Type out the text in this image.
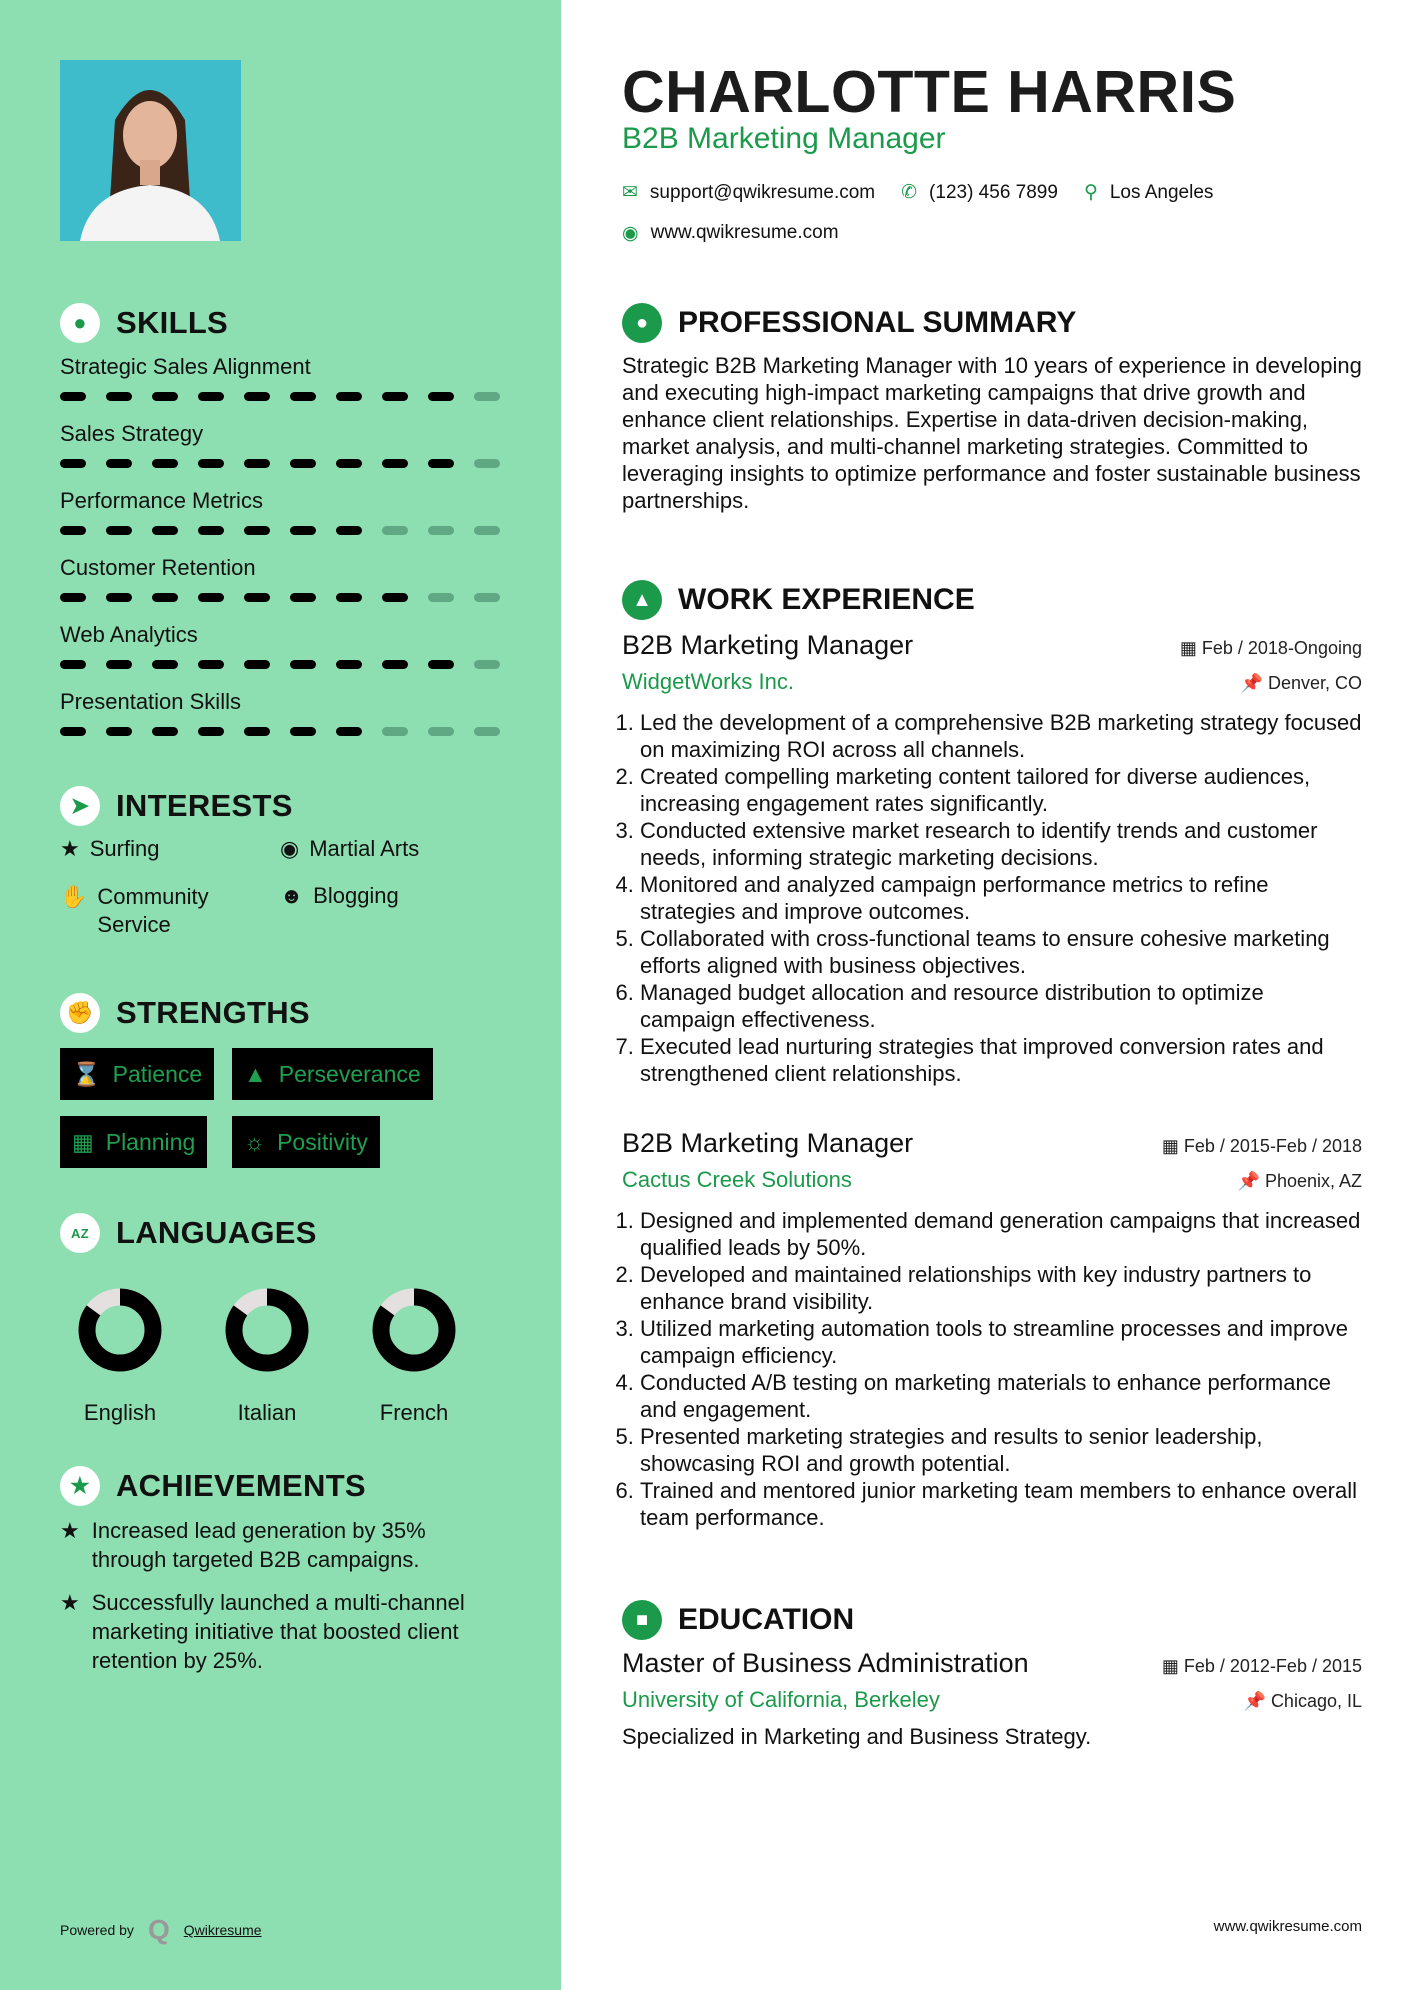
● SKILLS
Strategic Sales Alignment
Sales Strategy
Performance Metrics
Customer Retention
Web Analytics
Presentation Skills
➤ INTERESTS
★ Surfing	◉ Martial Arts
✋ Community Service
☻ Blogging
✊ STRENGTHS
⌛ Patience ▲ Perseverance
▦ Planning ☼ Positivity
AZ LANGUAGES
English	Italian	French
★ ACHIEVEMENTS
★ Increased lead generation by 35% through targeted B2B campaigns.
★ Successfully launched a multi-channel marketing initiative that boosted client retention by 25%.
Powered by Q Qwikresume
CHARLOTTE HARRIS
B2B Marketing Manager
✉ support@qwikresume.com ✆ (123) 456 7899 ⚲ Los Angeles
◉ www.qwikresume.com
● PROFESSIONAL SUMMARY
Strategic B2B Marketing Manager with 10 years of experience in developing and executing high-impact marketing campaigns that drive growth and enhance client relationships. Expertise in data-driven decision-making, market analysis, and multi-channel marketing strategies. Committed to leveraging insights to optimize performance and foster sustainable business partnerships.
▲ WORK EXPERIENCE
B2B Marketing Manager	▦ Feb / 2018-Ongoing
WidgetWorks Inc.	📌 Denver, CO
1. Led the development of a comprehensive B2B marketing strategy focused on maximizing ROI across all channels.
2. Created compelling marketing content tailored for diverse audiences, increasing engagement rates significantly.
3. Conducted extensive market research to identify trends and customer needs, informing strategic marketing decisions.
4. Monitored and analyzed campaign performance metrics to refine strategies and improve outcomes.
5. Collaborated with cross-functional teams to ensure cohesive marketing efforts aligned with business objectives.
6. Managed budget allocation and resource distribution to optimize campaign effectiveness.
7. Executed lead nurturing strategies that improved conversion rates and strengthened client relationships.
B2B Marketing Manager	▦ Feb / 2015-Feb / 2018
Cactus Creek Solutions	📌 Phoenix, AZ
1. Designed and implemented demand generation campaigns that increased qualified leads by 50%.
2. Developed and maintained relationships with key industry partners to enhance brand visibility.
3. Utilized marketing automation tools to streamline processes and improve campaign efficiency.
4. Conducted A/B testing on marketing materials to enhance performance and engagement.
5. Presented marketing strategies and results to senior leadership, showcasing ROI and growth potential.
6. Trained and mentored junior marketing team members to enhance overall team performance.
■ EDUCATION
Master of Business Administration	▦ Feb / 2012-Feb / 2015
University of California, Berkeley	📌 Chicago, IL
Specialized in Marketing and Business Strategy.
www.qwikresume.com
